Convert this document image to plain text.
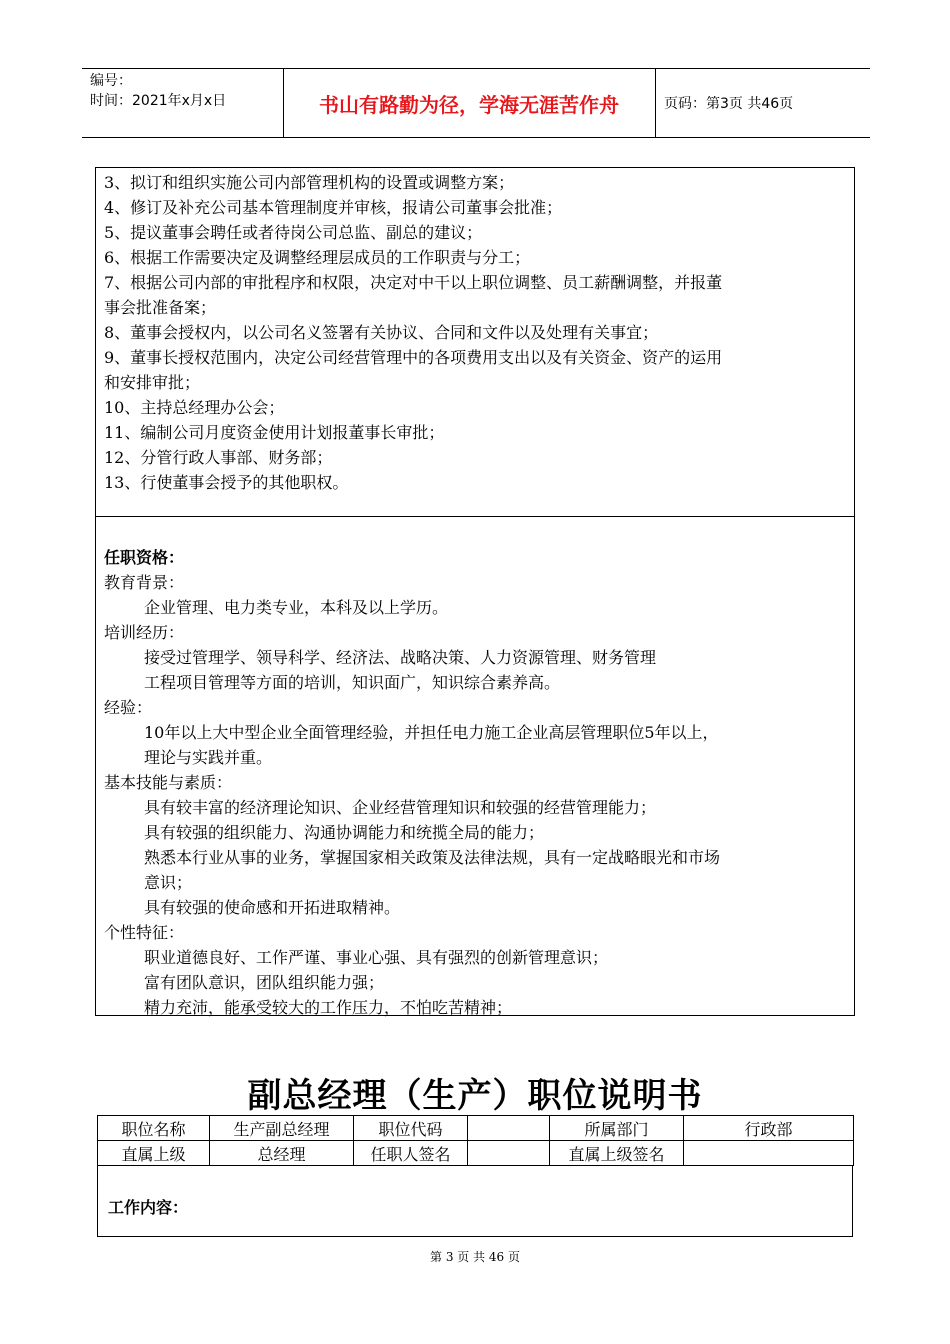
编号：
时间：2021年x月x日	书山有路勤为径，学海无涯苦作舟	页码：第3页 共46页
3、拟订和组织实施公司内部管理机构的设置或调整方案；
4、修订及补充公司基本管理制度并审核，报请公司董事会批准；
5、提议董事会聘任或者待岗公司总监、副总的建议；
6、根据工作需要决定及调整经理层成员的工作职责与分工；
7、根据公司内部的审批程序和权限，决定对中干以上职位调整、员工薪酬调整，并报董
事会批准备案；
8、董事会授权内，以公司名义签署有关协议、合同和文件以及处理有关事宜；
9、董事长授权范围内，决定公司经营管理中的各项费用支出以及有关资金、资产的运用
和安排审批；
10、主持总经理办公会；
11、编制公司月度资金使用计划报董事长审批；
12、分管行政人事部、财务部；
13、行使董事会授予的其他职权。
任职资格：
教育背景：
企业管理、电力类专业，本科及以上学历。
培训经历：
接受过管理学、领导科学、经济法、战略决策、人力资源管理、财务管理
工程项目管理等方面的培训，知识面广，知识综合素养高。
经验：
10年以上大中型企业全面管理经验，并担任电力施工企业高层管理职位5年以上，
理论与实践并重。
基本技能与素质：
具有较丰富的经济理论知识、企业经营管理知识和较强的经营管理能力；
具有较强的组织能力、沟通协调能力和统揽全局的能力；
熟悉本行业从事的业务，掌握国家相关政策及法律法规，具有一定战略眼光和市场
意识；
具有较强的使命感和开拓进取精神。
个性特征：
职业道德良好、工作严谨、事业心强、具有强烈的创新管理意识；
富有团队意识，团队组织能力强；
精力充沛，能承受较大的工作压力，不怕吃苦精神；
副总经理（生产）职位说明书
职位名称	生产副总经理	职位代码		所属部门	行政部
直属上级	总经理	任职人签名		直属上级签名	
工作内容：
第 3 页 共 46 页
